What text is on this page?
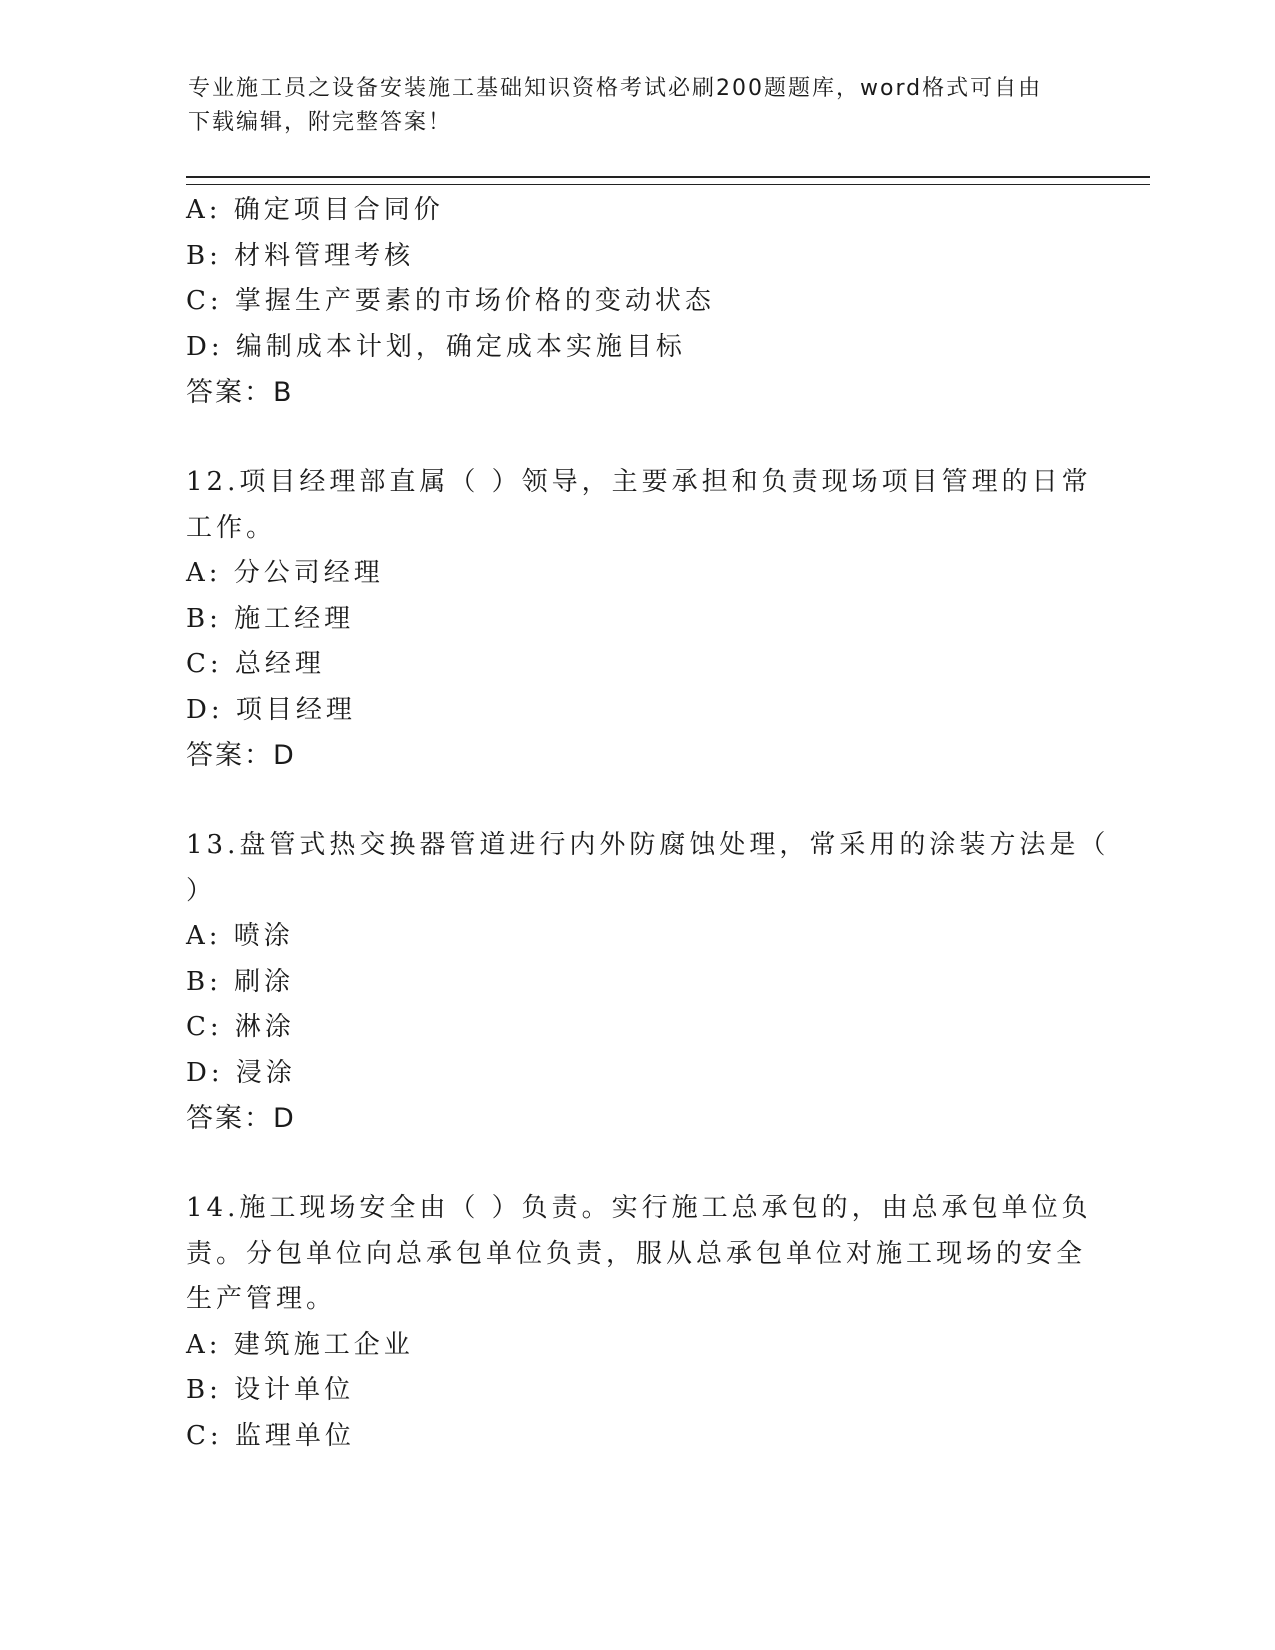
专业施工员之设备安装施工基础知识资格考试必刷200题题库，word格式可自由
下载编辑，附完整答案！
A: 确定项目合同价
B: 材料管理考核
C: 掌握生产要素的市场价格的变动状态
D: 编制成本计划，确定成本实施目标
答案：B
12.项目经理部直属（ ）领导，主要承担和负责现场项目管理的日常
工作。
A: 分公司经理
B: 施工经理
C: 总经理
D: 项目经理
答案：D
13.盘管式热交换器管道进行内外防腐蚀处理，常采用的涂装方法是（
）
A: 喷涂
B: 刷涂
C: 淋涂
D: 浸涂
答案：D
14.施工现场安全由（ ）负责。实行施工总承包的，由总承包单位负
责。分包单位向总承包单位负责，服从总承包单位对施工现场的安全
生产管理。
A: 建筑施工企业
B: 设计单位
C: 监理单位
